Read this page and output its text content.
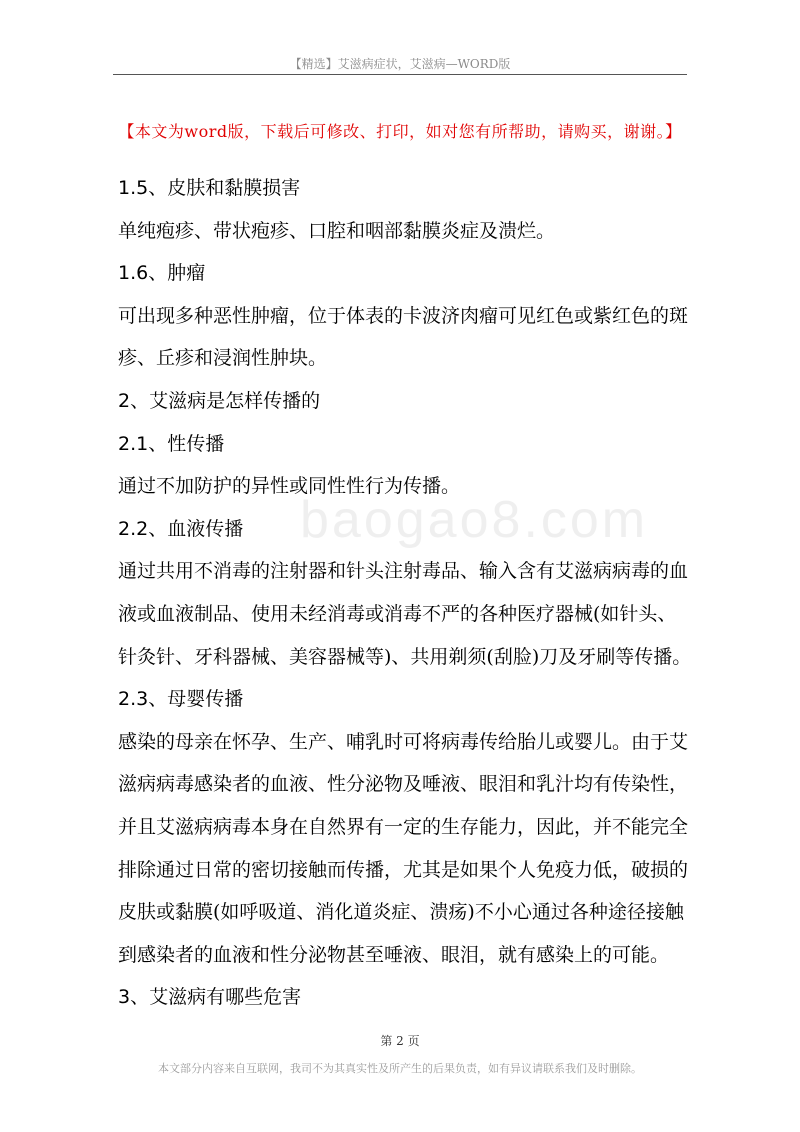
【精选】艾滋病症状，艾滋病—WORD版
【本文为word版，下载后可修改、打印，如对您有所帮助，请购买，谢谢。】
baogao8.com
1.5、皮肤和黏膜损害
单纯疱疹、带状疱疹、口腔和咽部黏膜炎症及溃烂。
1.6、肿瘤
可出现多种恶性肿瘤，位于体表的卡波济肉瘤可见红色或紫红色的斑
疹、丘疹和浸润性肿块。
2、艾滋病是怎样传播的
2.1、性传播
通过不加防护的异性或同性性行为传播。
2.2、血液传播
通过共用不消毒的注射器和针头注射毒品、输入含有艾滋病病毒的血
液或血液制品、使用未经消毒或消毒不严的各种医疗器械(如针头、
针灸针、牙科器械、美容器械等)、共用剃须(刮脸)刀及牙刷等传播。
2.3、母婴传播
感染的母亲在怀孕、生产、哺乳时可将病毒传给胎儿或婴儿。由于艾
滋病病毒感染者的血液、性分泌物及唾液、眼泪和乳汁均有传染性，
并且艾滋病病毒本身在自然界有一定的生存能力，因此，并不能完全
排除通过日常的密切接触而传播，尤其是如果个人免疫力低，破损的
皮肤或黏膜(如呼吸道、消化道炎症、溃疡)不小心通过各种途径接触
到感染者的血液和性分泌物甚至唾液、眼泪，就有感染上的可能。
3、艾滋病有哪些危害
第 2 页
本文部分内容来自互联网，我司不为其真实性及所产生的后果负责，如有异议请联系我们及时删除。
